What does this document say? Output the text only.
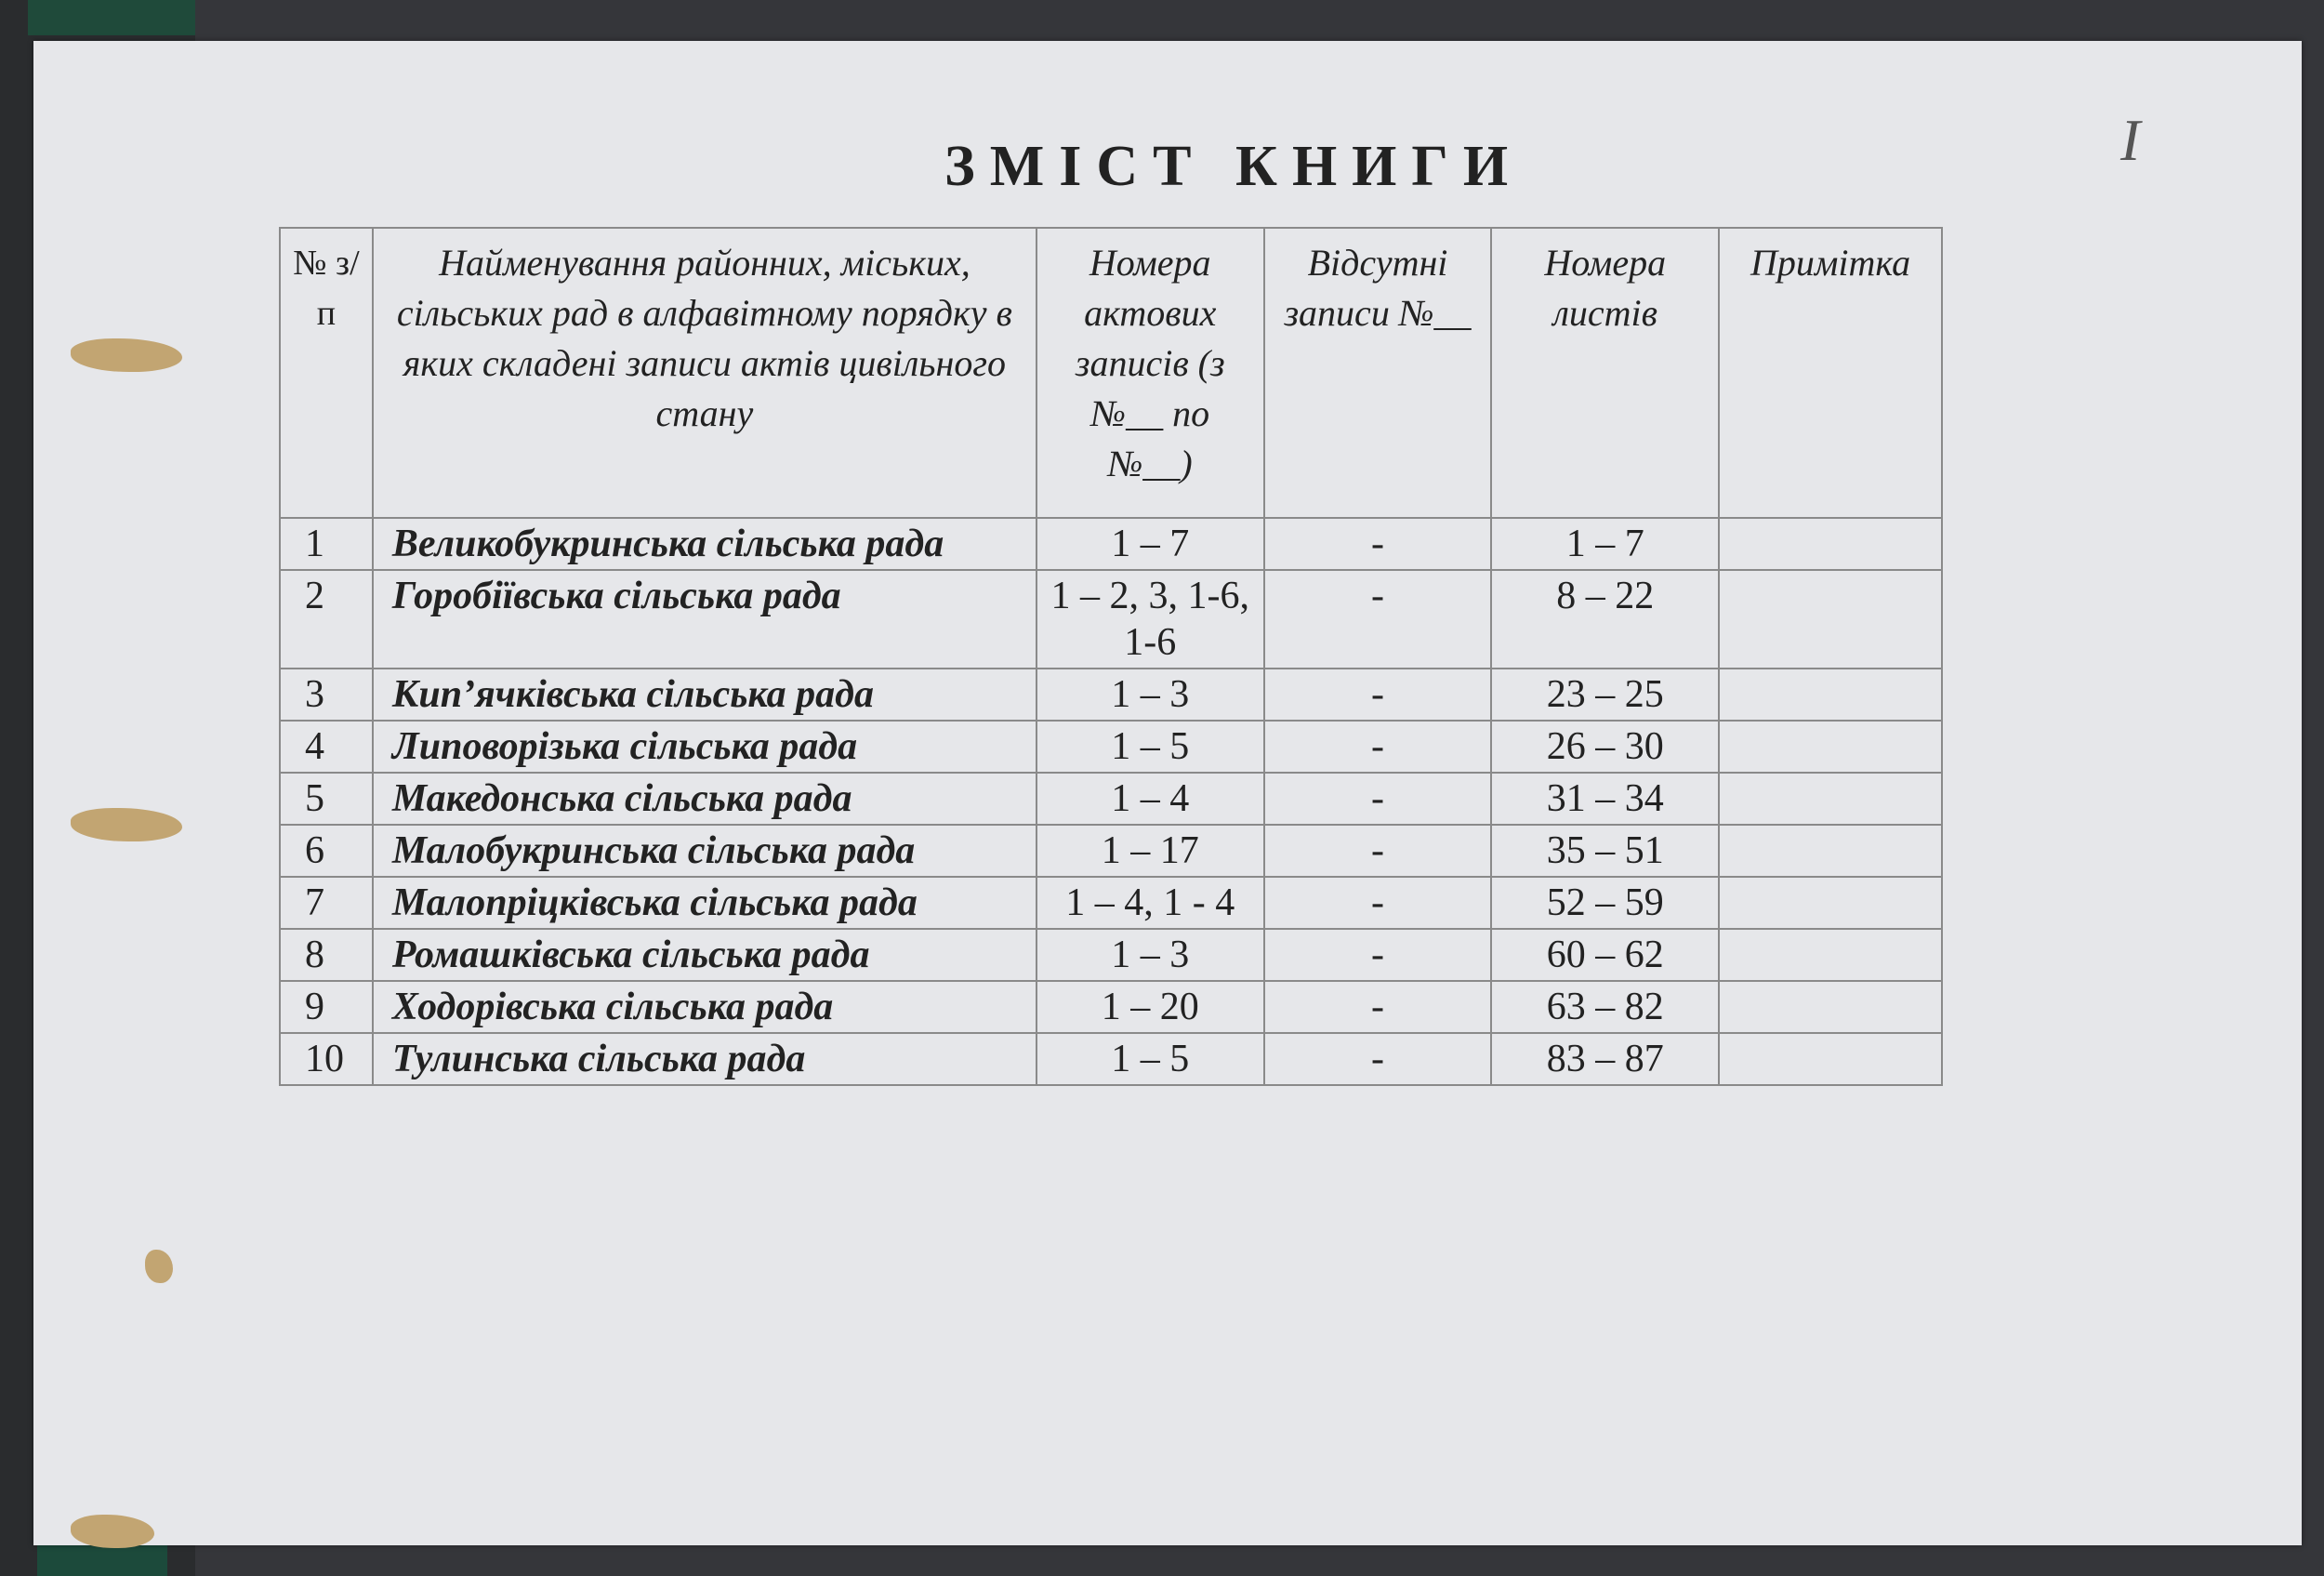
ЗМІСТ КНИГИ	Ι
№ з/п	Найменування районних, міських, сільських рад в алфавітному порядку в яких складені записи актів цивільного стану	Номера актових записів (з №__ по №__)	Відсутні записи №__	Номера листів	Примітка
1	Великобукринська сільська рада	1 – 7	-	1 – 7	
2	Горобіївська сільська рада	1 – 2, 3, 1-6, 1-6	-	8 – 22	
3	Кип’ячківська сільська рада	1 – 3	-	23 – 25	
4	Липоворізька сільська рада	1 – 5	-	26 – 30	
5	Македонська сільська рада	1 – 4	-	31 – 34	
6	Малобукринська сільська рада	1 – 17	-	35 – 51	
7	Малопріцківська сільська рада	1 – 4, 1 - 4	-	52 – 59	
8	Ромашківська сільська рада	1 – 3	-	60 – 62	
9	Ходорівська сільська рада	1 – 20	-	63 – 82	
10	Тулинська сільська рада	1 – 5	-	83 – 87	
